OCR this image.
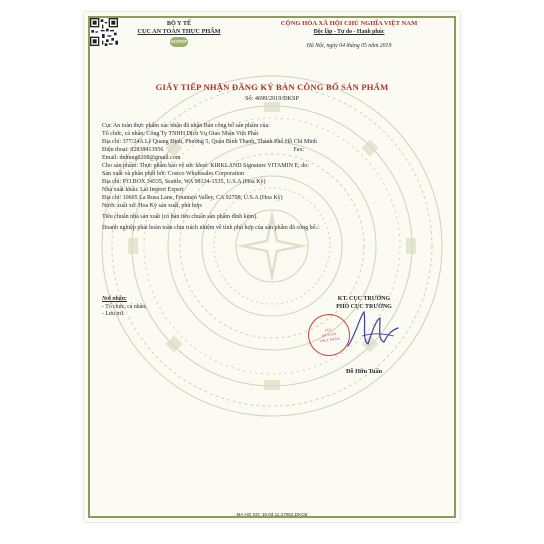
BỘ Y TẾ
CỤC AN TOÀN THỰC PHẨM
SCFNTP
CỘNG HÒA XÃ HỘI CHỦ NGHĨA VIỆT NAM
Độc lập - Tự do - Hạnh phúc
Hà Nội, ngày 04 tháng 05 năm 2019
GIẤY TIẾP NHẬN ĐĂNG KÝ BẢN CÔNG BỐ SẢN PHẨM
Số: 4699/2019/ĐKSP
Cục An toàn thực phẩm xác nhận đã nhận Bản công bố sản phẩm của:
Tổ chức, cá nhân: Công Ty TNHH Dịch Vụ Giao Nhận Việt Phát
Địa chỉ: 377/24A Lê Quang Định, Phường 5, Quận Bình Thạnh, Thành Phố Hồ Chí Minh
Điện thoại: 02838413956	Fax:
Email: dnhung0208@gmail.com
Cho sản phẩm: Thực phẩm bảo vệ sức khoẻ: KIRKLAND Signature VITAMIN E; do:
Sản xuất và phân phối bởi: Costco Wholesales Corporation
Địa chỉ: P.O.BOX 34535, Seattle, WA 98124-1535, U.S.A (Hoa Kỳ)
Nhà xuất khẩu: Lai Import Expert
Địa chỉ: 10605 La Rosa Lane, Fountain Valley, CA 92708, U.S.A (Hoa Kỳ)
Nước xuất xứ: Hoa Kỳ sản xuất, phù hợp:
Tiêu chuẩn nhà sản xuất (có bản tiêu chuẩn sản phẩm đính kèm).
Doanh nghiệp phải hoàn toàn chịu trách nhiệm về tính phù hợp của sản phẩm đã công bố./.
Nơi nhận:
- Tổ chức, cá nhân;
- Lưu trữ.
KT. CỤC TRƯỞNG
PHÓ CỤC TRƯỞNG
CỤC
AN TOÀN
THỰC PHẨM
Đỗ Hữu Tuấn
MA HO SO: 19.03.11.27052.DKCB
